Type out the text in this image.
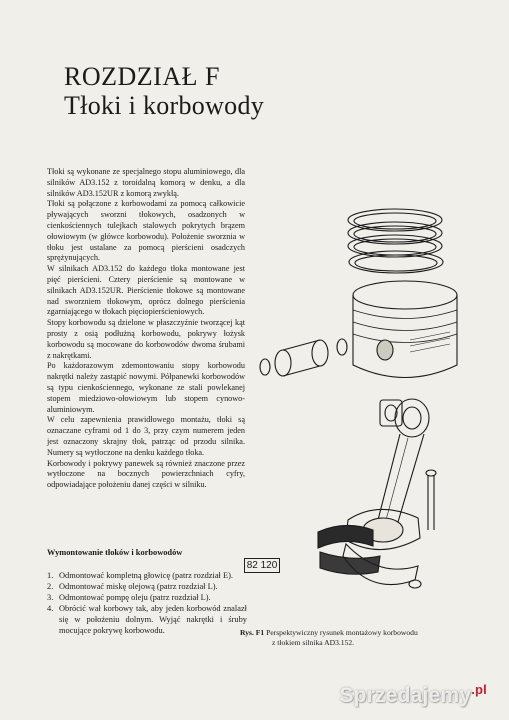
ROZDZIAŁ F
Tłoki i korbowody

Tłoki są wykonane ze specjalnego stopu aluminiowego, dla silników AD3.152 z toroidalną komorą w denku, a dla silników AD3.152UR z komorą zwykłą.

Tłoki są połączone z korbowodami za pomocą całkowicie pływających sworzni tłokowych, osadzonych w cienkościennych tulejkach stalowych pokrytych brązem ołowiowym (w główce korbowodu). Położenie sworznia w tłoku jest ustalane za pomocą pierścieni osadczych sprężynujących.

W silnikach AD3.152 do każdego tłoka montowane jest pięć pierścieni. Cztery pierścienie są montowane w silnikach AD3.152UR. Pierścienie tłokowe są montowane nad sworzniem tłokowym, oprócz dolnego pierścienia zgarniającego w tłokach pięciopierścieniowych.

Stopy korbowodu są dzielone w płaszczyźnie tworzącej kąt prosty z osią podłużną korbowodu, pokrywy łożysk korbowodu są mocowane do korbowodów dwoma śrubami z nakrętkami.

Po każdorazowym zdemontowaniu stopy korbowodu nakrętki należy zastąpić nowymi. Półpanewki korbowodów są typu cienkościennego, wykonane ze stali powlekanej stopem miedziowo-ołowiowym lub stopem cynowo-aluminiowym.

W celu zapewnienia prawidłowego montażu, tłoki są oznaczane cyframi od 1 do 3, przy czym numerem jeden jest oznaczony skrajny tłok, patrząc od przodu silnika. Numery są wytłoczone na denku każdego tłoka.

Korbowody i pokrywy panewek są również znaczone przez wytłoczone na bocznych powierzchniach cyfry, odpowiadające położeniu danej części w silniku.

Wymontowanie tłoków i korbowodów
1. Odmontować kompletną głowicę (patrz rozdział E).
2. Odmontować miskę olejową (patrz rozdział L).
3. Odmontować pompę oleju (patrz rozdział L).
4. Obrócić wał korbowy tak, aby jeden korbowód znalazł się w położeniu dolnym. Wyjąć nakrętki i śruby mocujące pokrywę korbowodu.
82 120
Rys. F1 Perspektywiczny rysunek montażowy korbowodu
z tłokiem silnika AD3.152.
Sprzedajemy$^{.pl}$
